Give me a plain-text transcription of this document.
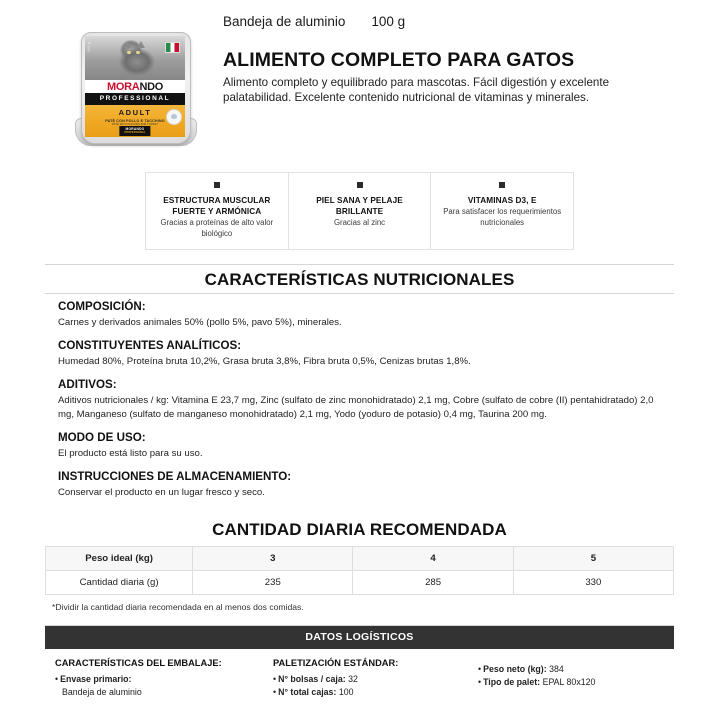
100 g
MORANDO
PROFESSIONAL
ADULT
PATÈ CON POLLO E TACCHINO
PÂTÉ WITH CHICKEN AND TURKEY
MORANDO
PROFESSIONAL
Bandeja de aluminio 100 g
ALIMENTO COMPLETO PARA GATOS

Alimento completo y equilibrado para mascotas. Fácil digestión y excelente palatabilidad. Excelente contenido nutricional de vitaminas y minerales.

ESTRUCTURA MUSCULAR FUERTE Y ARMÓNICA
Gracias a proteínas de alto valor biológico
PIEL SANA Y PELAJE BRILLANTE
Gracias al zinc
VITAMINAS D3, E
Para satisfacer los requerimientos nutricionales
CARACTERÍSTICAS NUTRICIONALES
COMPOSICIÓN:
Carnes y derivados animales 50% (pollo 5%, pavo 5%), minerales.
CONSTITUYENTES ANALÍTICOS:
Humedad 80%, Proteína bruta 10,2%, Grasa bruta 3,8%, Fibra bruta 0,5%, Cenizas brutas 1,8%.
ADITIVOS:
Aditivos nutricionales / kg: Vitamina E 23,7 mg, Zinc (sulfato de zinc monohidratado) 2,1 mg, Cobre (sulfato de cobre (II) pentahidratado) 2,0 mg, Manganeso (sulfato de manganeso monohidratado) 2,1 mg, Yodo (yoduro de potasio) 0,4 mg, Taurina 200 mg.
MODO DE USO:
El producto está listo para su uso.
INSTRUCCIONES DE ALMACENAMIENTO:
Conservar el producto en un lugar fresco y seco.
CANTIDAD DIARIA RECOMENDADA
Peso ideal (kg)	3	4	5
Cantidad diaria (g)	235	285	330
*Dividir la cantidad diaria recomendada en al menos dos comidas.
DATOS LOGÍSTICOS
CARACTERÍSTICAS DEL EMBALAJE:
• Envase primario:
Bandeja de aluminio
PALETIZACIÓN ESTÁNDAR:
• N° bolsas / caja: 32
• N° total cajas: 100
• Peso neto (kg): 384
• Tipo de palet: EPAL 80x120
